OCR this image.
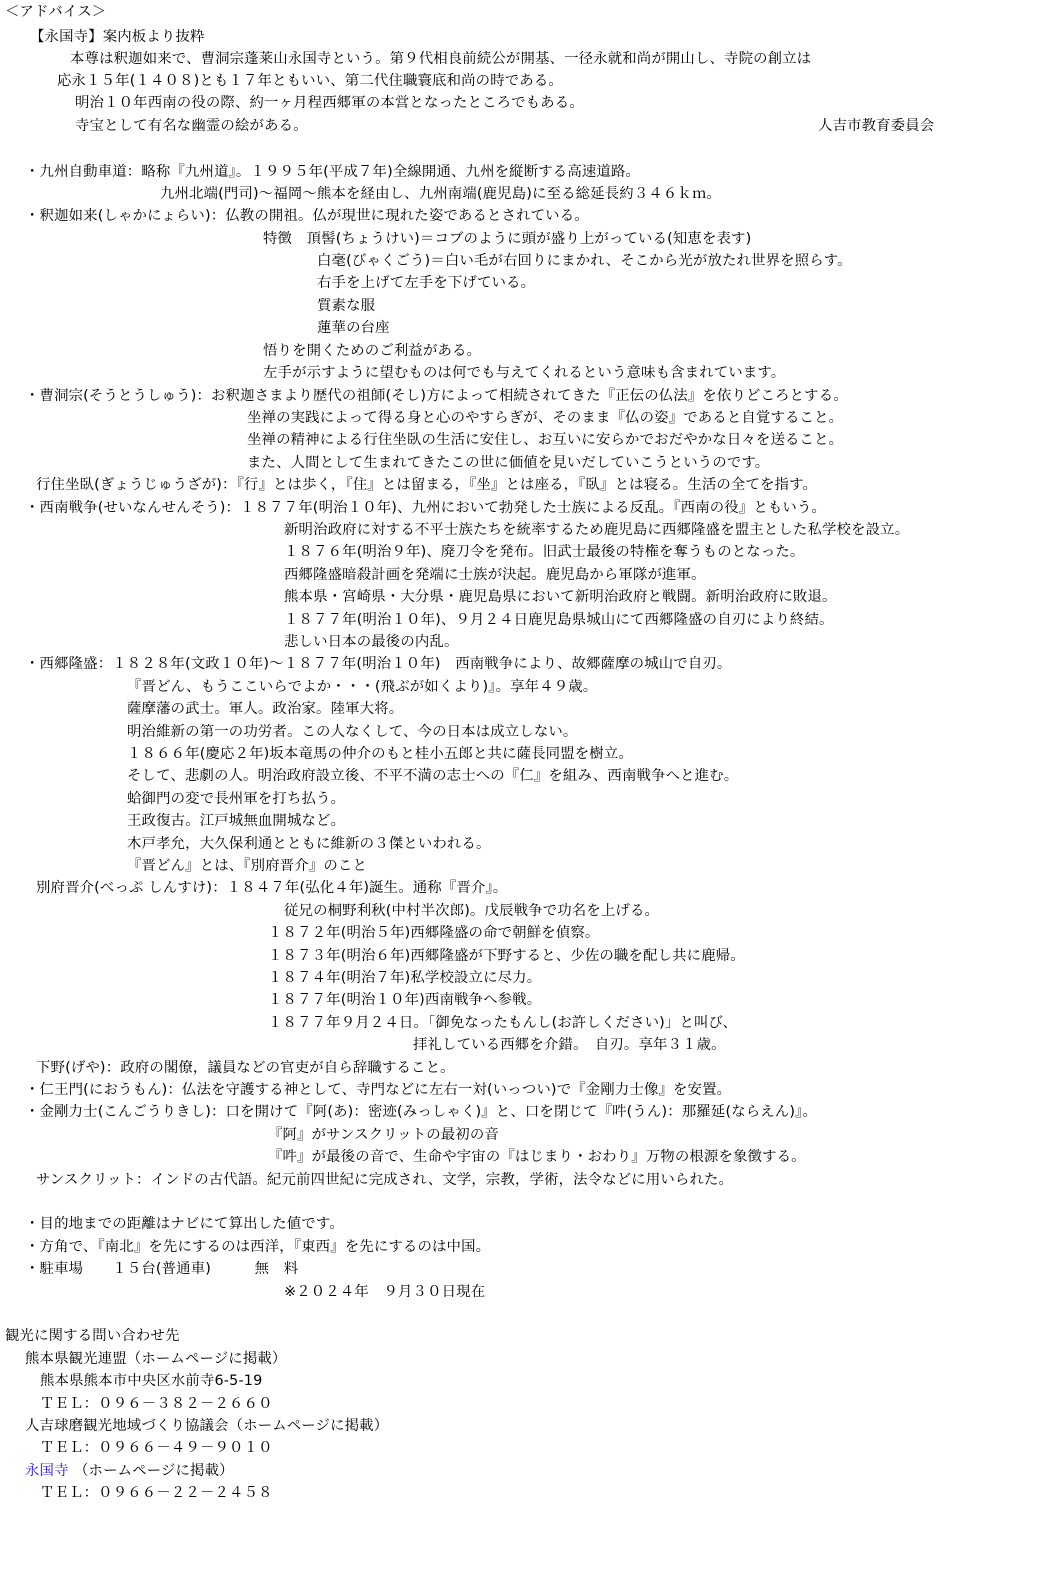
＜アドバイス＞
【永国寺】案内板より抜粋
本尊は釈迦如来で、曹洞宗蓬莱山永国寺という。第９代相良前続公が開基、一径永就和尚が開山し、寺院の創立は
応永１５年(１４０８)とも１７年ともいい、第二代住職寰底和尚の時である。
明治１０年西南の役の際、約一ヶ月程西郷軍の本営となったところでもある。
寺宝として有名な幽霊の絵がある。	人吉市教育委員会
・九州自動車道：略称『九州道』。１９９５年(平成７年)全線開通、九州を縦断する高速道路。
九州北端(門司)～福岡～熊本を経由し、九州南端(鹿児島)に至る総延長約３４６ｋｍ。
・釈迦如来(しゃかにょらい)：仏教の開祖。仏が現世に現れた姿であるとされている。
特徴　頂髻(ちょうけい)＝コブのように頭が盛り上がっている(知恵を表す)
白毫(びゃくごう)＝白い毛が右回りにまかれ、そこから光が放たれ世界を照らす。
右手を上げて左手を下げている。
質素な服
蓮華の台座
悟りを開くためのご利益がある。
左手が示すように望むものは何でも与えてくれるという意味も含まれています。
・曹洞宗(そうとうしゅう)：お釈迦さまより歴代の祖師(そし)方によって相続されてきた『正伝の仏法』を依りどころとする。
坐禅の実践によって得る身と心のやすらぎが、そのまま『仏の姿』であると自覚すること。
坐禅の精神による行住坐臥の生活に安住し、お互いに安らかでおだやかな日々を送ること。
また、人間として生まれてきたこの世に価値を見いだしていこうというのです。
行住坐臥(ぎょうじゅうざが)：『行』とは歩く，『住』とは留まる，『坐』とは座る，『臥』とは寝る。生活の全てを指す。
・西南戦争(せいなんせんそう)：１８７７年(明治１０年)、九州において勃発した士族による反乱。『西南の役』ともいう。
新明治政府に対する不平士族たちを統率するため鹿児島に西郷隆盛を盟主とした私学校を設立。
１８７６年(明治９年)、廃刀令を発布。旧武士最後の特権を奪うものとなった。
西郷隆盛暗殺計画を発端に士族が決起。鹿児島から軍隊が進軍。
熊本県・宮崎県・大分県・鹿児島県において新明治政府と戦闘。新明治政府に敗退。
１８７７年(明治１０年)、９月２４日鹿児島県城山にて西郷隆盛の自刃により終結。
悲しい日本の最後の内乱。
・西郷隆盛：１８２８年(文政１０年)～１８７７年(明治１０年)　西南戦争により、故郷薩摩の城山で自刃。
『晋どん、もうここいらでよか・・・(飛ぶが如くより)』。享年４９歳。
薩摩藩の武士。軍人。政治家。陸軍大将。
明治維新の第一の功労者。この人なくして、今の日本は成立しない。
１８６６年(慶応２年)坂本竜馬の仲介のもと桂小五郎と共に薩長同盟を樹立。
そして、悲劇の人。明治政府設立後、不平不満の志士への『仁』を組み、西南戦争へと進む。
蛤御門の変で長州軍を打ち払う。
王政復古。江戸城無血開城など。
木戸孝允，大久保利通とともに維新の３傑といわれる。
『晋どん』とは、『別府晋介』のこと
別府晋介(べっぷ しんすけ)：１８４７年(弘化４年)誕生。通称『晋介』。
従兄の桐野利秋(中村半次郎)。戊辰戦争で功名を上げる。
１８７２年(明治５年)西郷隆盛の命で朝鮮を偵察。
１８７３年(明治６年)西郷隆盛が下野すると、少佐の職を配し共に鹿帰。
１８７４年(明治７年)私学校設立に尽力。
１８７７年(明治１０年)西南戦争へ参戦。
１８７７年９月２４日。「御免なったもんし(お許しください)」と叫び、
拝礼している西郷を介錯。　自刃。享年３１歳。
下野(げや)：政府の閣僚，議員などの官吏が自ら辞職すること。
・仁王門(におうもん)：仏法を守護する神として、寺門などに左右一対(いっつい)で『金剛力士像』を安置。
・金剛力士(こんごうりきし)：口を開けて『阿(あ)：密迹(みっしゃく)』と、口を閉じて『吽(うん)：那羅延(ならえん)』。
『阿』がサンスクリットの最初の音
『吽』が最後の音で、生命や宇宙の『はじまり・おわり』万物の根源を象徴する。
サンスクリット：インドの古代語。紀元前四世紀に完成され、文学，宗教，学術，法令などに用いられた。
・目的地までの距離はナビにて算出した値です。
・方角で、『南北』を先にするのは西洋，『東西』を先にするのは中国。
・駐車場　　１５台(普通車)　　　無　料
※２０２４年　９月３０日現在
観光に関する問い合わせ先
熊本県観光連盟（ホームページに掲載）
熊本県熊本市中央区水前寺6-5-19
ＴＥＬ：０９６－３８２－２６６０
人吉球磨観光地域づくり協議会（ホームページに掲載）
ＴＥＬ：０９６６－４９－９０１０
永国寺 （ホームページに掲載）
ＴＥＬ：０９６６－２２－２４５８
